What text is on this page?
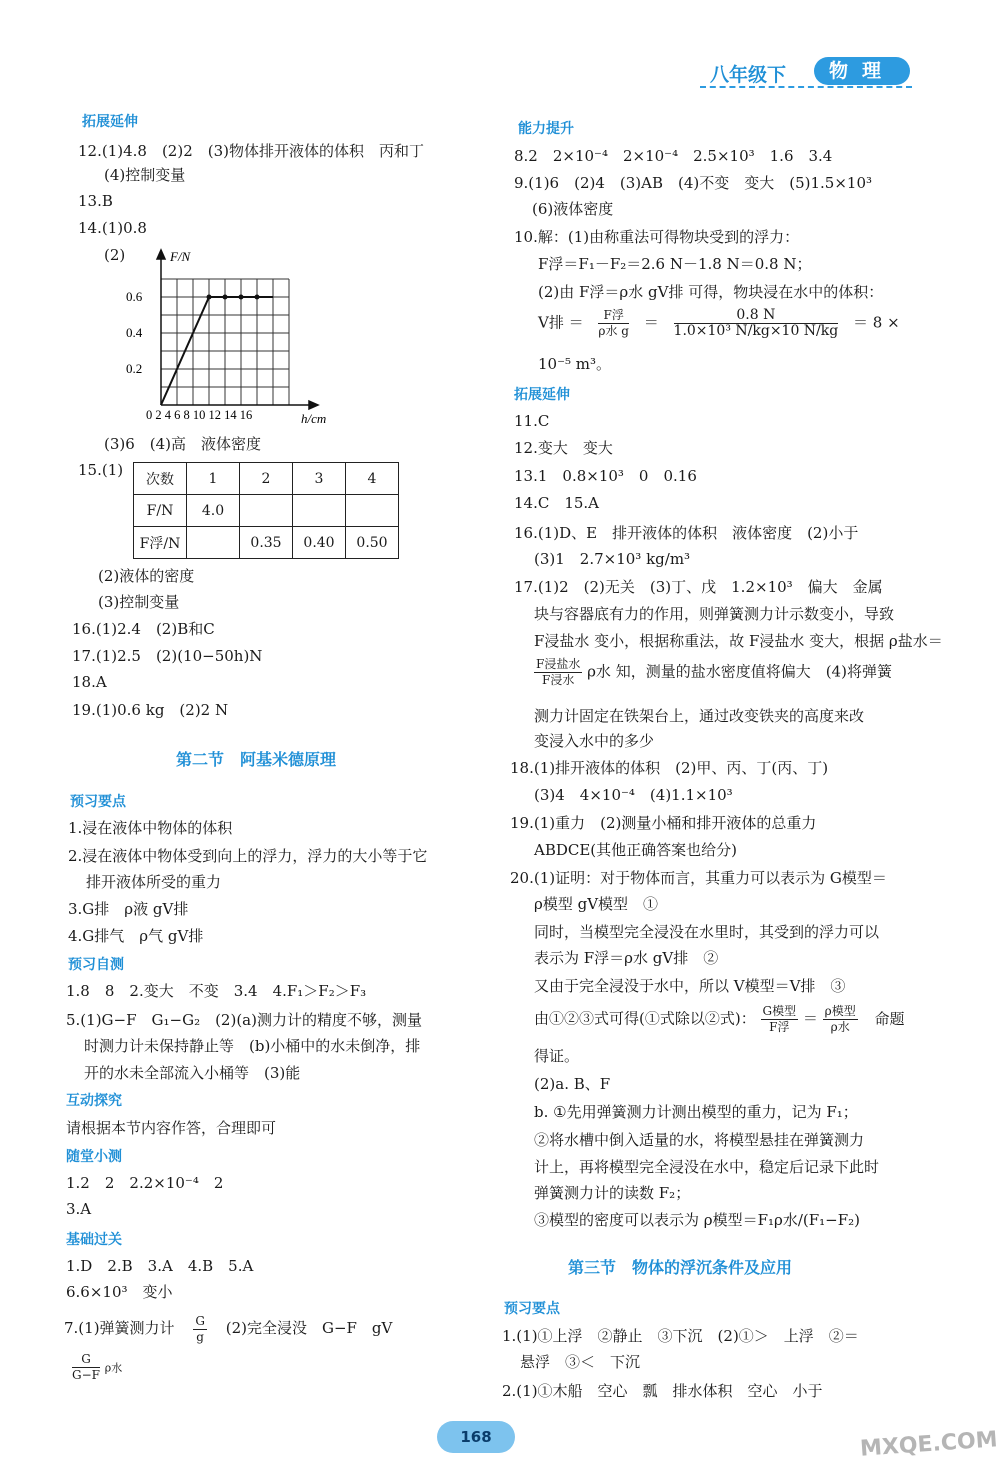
八年级下	物理
拓展延伸
12.(1)4.8　(2)2　(3)物体排开液体的体积　丙和丁
(4)控制变量
13.B
14.(1)0.8
(2)	F/N
0.6
0.4
0.2
0 2 4 6 8 10 12 14 16	h/cm
(3)6　(4)高　液体密度
15.(1)
次数	1	2	3	4
F/N	4.0			
F浮/N		0.35	0.40	0.50
(2)液体的密度
(3)控制变量
16.(1)2.4　(2)B和C
17.(1)2.5　(2)(10−50h)N
18.A
19.(1)0.6 kg　(2)2 N
第二节　阿基米德原理
预习要点
1.浸在液体中物体的体积
2.浸在液体中物体受到向上的浮力，浮力的大小等于它
排开液体所受的重力
3.G排　ρ液 gV排
4.G排气　ρ气 gV排
预习自测
1.8　8　2.变大　不变　3.4　4.F₁＞F₂＞F₃
5.(1)G−F　G₁−G₂　(2)(a)测力计的精度不够，测量
时测力计未保持静止等　(b)小桶中的水未倒净，排
开的水未全部流入小桶等　(3)能
互动探究
请根据本节内容作答，合理即可
随堂小测
1.2　2　2.2×10⁻⁴　2
3.A
基础过关
1.D　2.B　3.A　4.B　5.A
6.6×10³　变小
7.(1)弹簧测力计 $\frac{G}{g} (2)$完全浸没　G−F　gV
$\frac{G}{G-F}$ ρ水
能力提升
8.2　2×10⁻⁴　2×10⁻⁴　2.5×10³　1.6　3.4
9.(1)6　(2)4　(3)AB　(4)不变　变大　(5)1.5×10³
(6)液体密度
10.解：(1)由称重法可得物块受到的浮力：
F浮＝F₁－F₂＝2.6 N－1.8 N＝0.8 N；
(2)由 F浮＝ρ水 gV排 可得，物块浸在水中的体积：
V排 ＝ $\frac{\text{F浮}}{\text{ρ水 g}} = \frac{0.8 N}{\text{1.0×10³ N/kg×10 N/kg}} = 8$ ×
10⁻⁵ m³。
拓展延伸
11.C
12.变大　变大
13.1　0.8×10³　0　0.16
14.C　15.A
16.(1)D、E　排开液体的体积　液体密度　(2)小于
(3)1　2.7×10³ kg/m³
17.(1)2　(2)无关　(3)丁、戊　1.2×10³　偏大　金属
块与容器底有力的作用，则弹簧测力计示数变小，导致
F浸盐水 变小，根据称重法，故 F浸盐水 变大，根据 ρ盐水＝
$\frac{\text{F浸盐水}}{\text{F浸水}}$ ρ水 知，测量的盐水密度值将偏大　(4)将弹簧
测力计固定在铁架台上，通过改变铁夹的高度来改
变浸入水中的多少
18.(1)排开液体的体积　(2)甲、丙、丁(丙、丁)
(3)4　4×10⁻⁴　(4)1.1×10³
19.(1)重力　(2)测量小桶和排开液体的总重力
ABDCE(其他正确答案也给分)
20.(1)证明：对于物体而言，其重力可以表示为 G模型＝
ρ模型 gV模型　①
同时，当模型完全浸没在水里时，其受到的浮力可以
表示为 F浮＝ρ水 gV排　②
又由于完全浸没于水中，所以 V模型＝V排　③
由①②③式可得(①式除以②式)： $\frac{\text{G模型}}{\text{F浮}} = \frac{\text{ρ模型}}{\text{ρ水}}$ 命题
得证。
(2)a. B、F
b. ①先用弹簧测力计测出模型的重力，记为 F₁；
②将水槽中倒入适量的水，将模型悬挂在弹簧测力
计上，再将模型完全浸没在水中，稳定后记录下此时
弹簧测力计的读数 F₂；
③模型的密度可以表示为 ρ模型＝F₁ρ水/(F₁−F₂)
第三节　物体的浮沉条件及应用
预习要点
1.(1)①上浮　②静止　③下沉　(2)①＞　上浮　②＝
悬浮　③＜　下沉
2.(1)①木船　空心　瓢　排水体积　空心　小于
168	MXQE.COM
